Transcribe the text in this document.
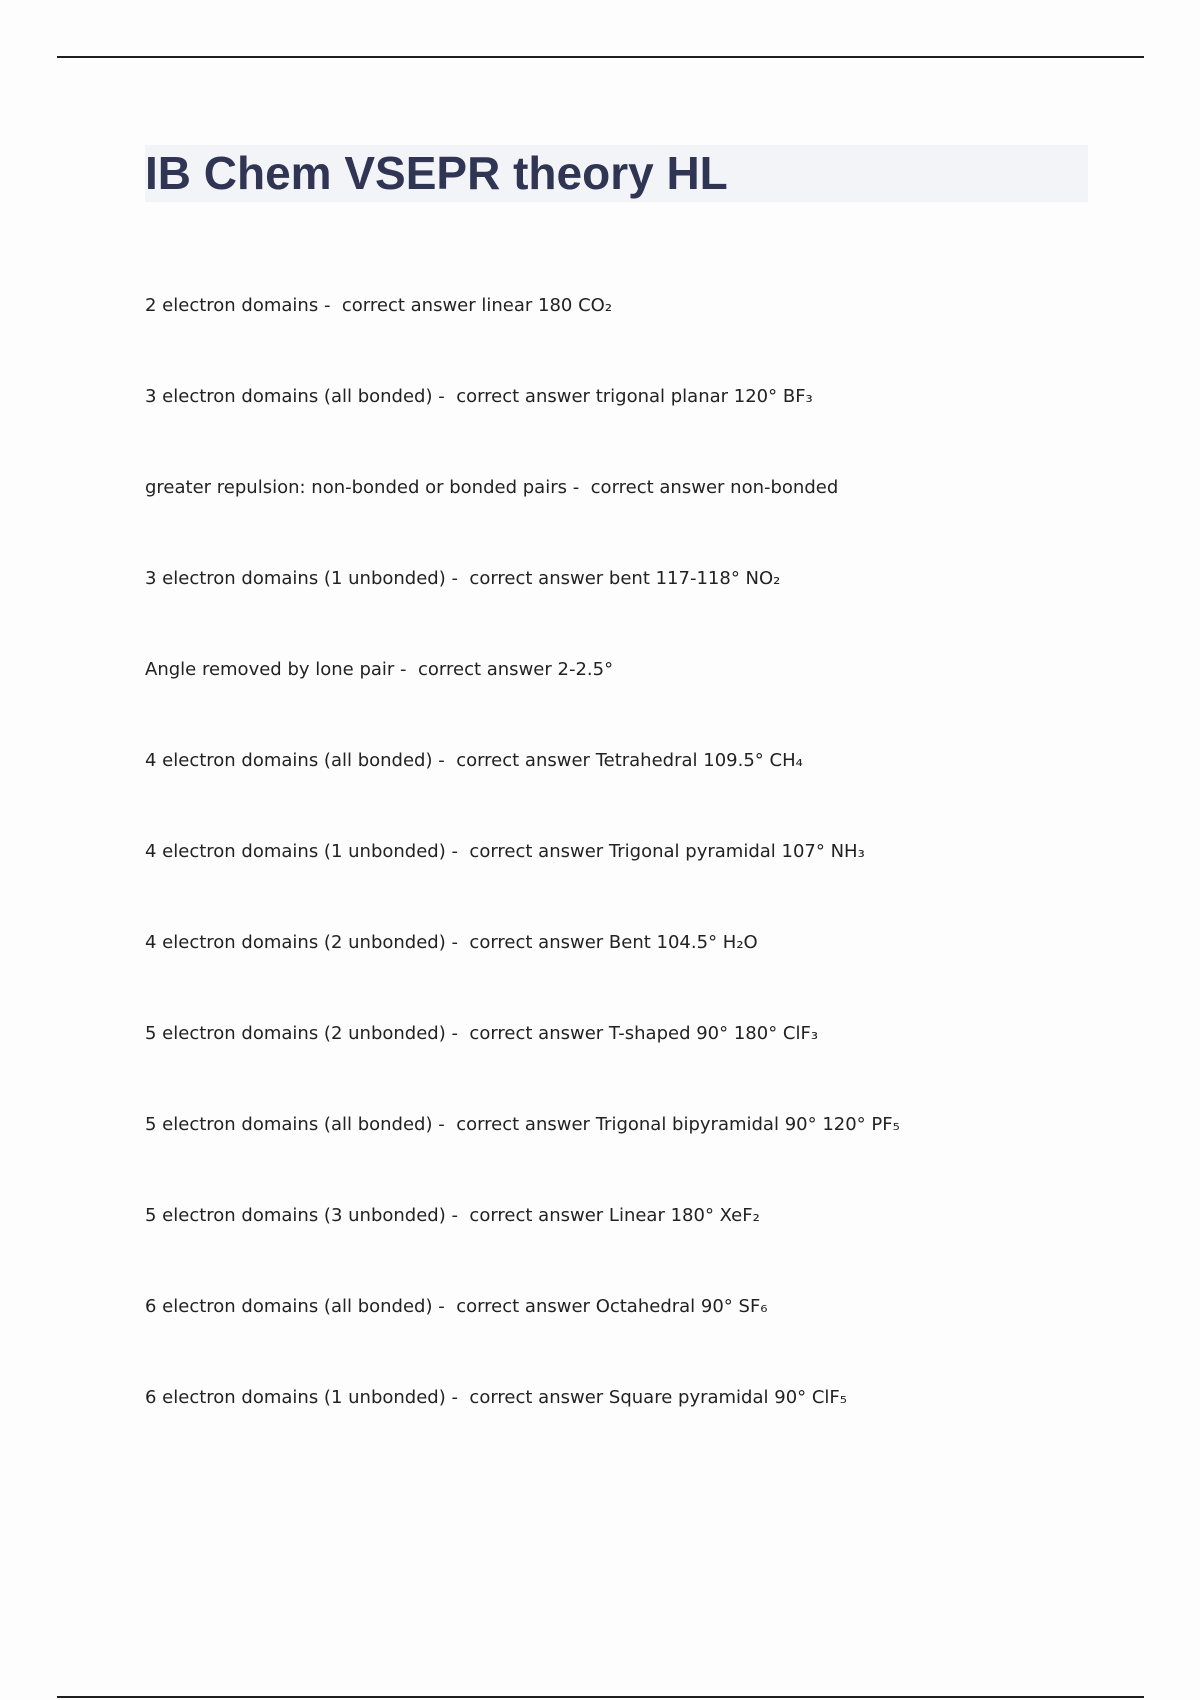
IB Chem VSEPR theory HL
2 electron domains - correct answer linear 180 CO₂
3 electron domains (all bonded) - correct answer trigonal planar 120° BF₃
greater repulsion: non-bonded or bonded pairs - correct answer non-bonded
3 electron domains (1 unbonded) - correct answer bent 117-118° NO₂
Angle removed by lone pair - correct answer 2-2.5°
4 electron domains (all bonded) - correct answer Tetrahedral 109.5° CH₄
4 electron domains (1 unbonded) - correct answer Trigonal pyramidal 107° NH₃
4 electron domains (2 unbonded) - correct answer Bent 104.5° H₂O
5 electron domains (2 unbonded) - correct answer T-shaped 90° 180° ClF₃
5 electron domains (all bonded) - correct answer Trigonal bipyramidal 90° 120° PF₅
5 electron domains (3 unbonded) - correct answer Linear 180° XeF₂
6 electron domains (all bonded) - correct answer Octahedral 90° SF₆
6 electron domains (1 unbonded) - correct answer Square pyramidal 90° ClF₅
